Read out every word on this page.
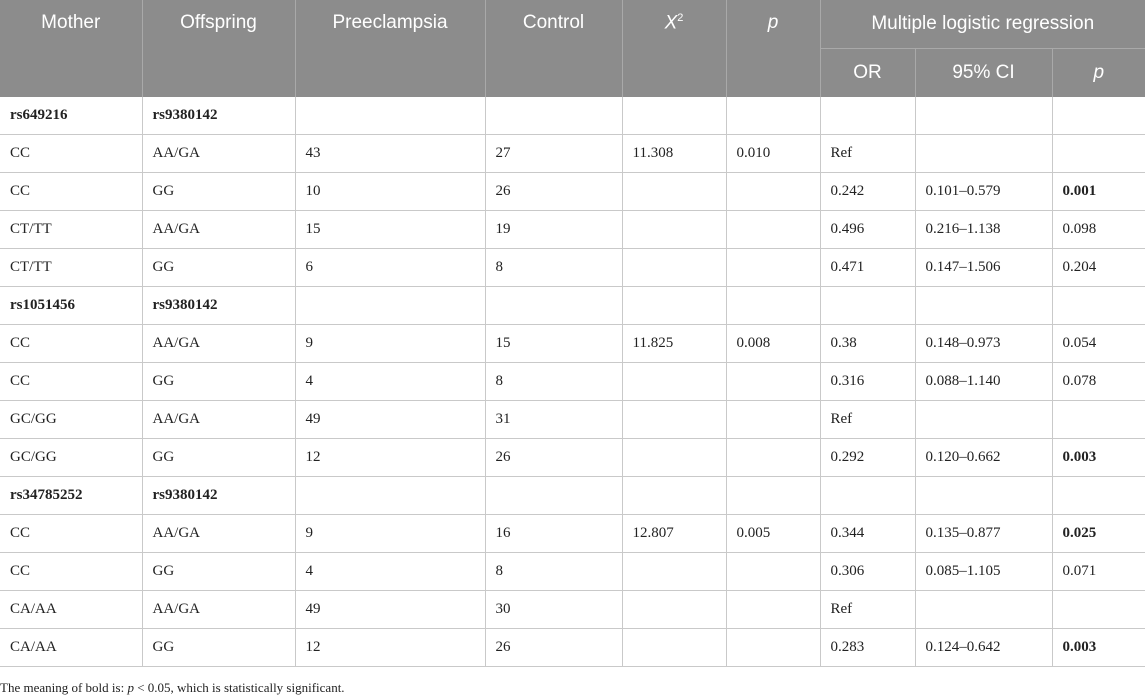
Mother	Offspring	Preeclampsia	Control	$X^2$	p	Multiple logistic regression		
						OR	95% CI	p
rs649216	rs9380142							
CC	AA/GA	43	27	11.308	0.010	Ref		
CC	GG	10	26			0.242	0.101–0.579	0.001
CT/TT	AA/GA	15	19			0.496	0.216–1.138	0.098
CT/TT	GG	6	8			0.471	0.147–1.506	0.204
rs1051456	rs9380142							
CC	AA/GA	9	15	11.825	0.008	0.38	0.148–0.973	0.054
CC	GG	4	8			0.316	0.088–1.140	0.078
GC/GG	AA/GA	49	31			Ref		
GC/GG	GG	12	26			0.292	0.120–0.662	0.003
rs34785252	rs9380142							
CC	AA/GA	9	16	12.807	0.005	0.344	0.135–0.877	0.025
CC	GG	4	8			0.306	0.085–1.105	0.071
CA/AA	AA/GA	49	30			Ref		
CA/AA	GG	12	26			0.283	0.124–0.642	0.003
The meaning of bold is: p < 0.05, which is statistically significant.
